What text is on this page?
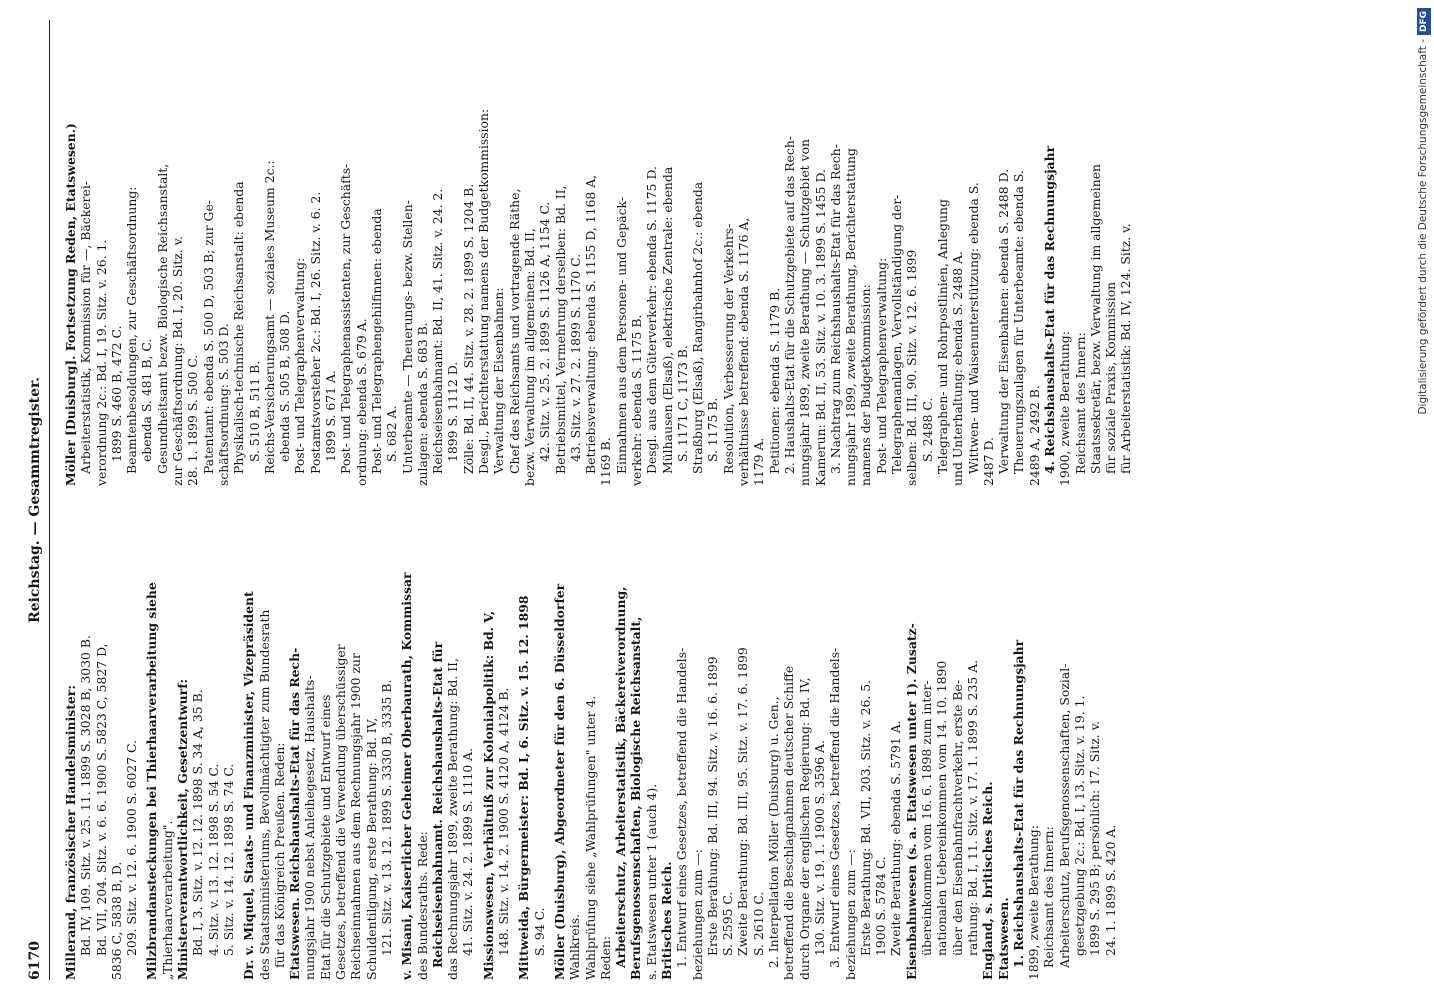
6170
Reichstag. — Gesammtregister.
Millerand, französischer Handelsminister: Bd. IV, 109. Sitz. v. 25. 11. 1899 S. 3028 B, 3030 B. Bd. VII, 204. Sitz. v. 6. 6. 1900 S. 5823 C, 5827 D, 5836 C, 5838 B, D. 209. Sitz. v. 12. 6. 1900 S. 6027 C. Milzbrandansteckungen bei Thierhaarverarbeitung siehe „Thierhaarverarbeitung". Ministerverantwortlichkeit, Gesetzentwurf: Bd. I, 3. Sitz. v. 12. 12. 1898 S. 34 A, 35 B. 4. Sitz. v. 13. 12. 1898 S. 54 C. 5. Sitz. v. 14. 12. 1898 S. 74 C. Dr. v. Miquel, Staats- und Finanzminister, Vizepräsident des Staatsministeriums, Bevollmächtigter zum Bundesrath für das Königreich Preußen. Reden: Etatswesen. Reichshaushalts-Etat für das Rech- nungsjahr 1900 nebst Anleihegesetz, Haushalts- Etat für die Schutzgebiete und Entwurf eines Gesetzes, betreffend die Verwendung überschüssiger Reichseinnahmen aus dem Rechnungsjahr 1900 zur Schuldentilgung, erste Berathung: Bd. IV, 121. Sitz. v. 13. 12. 1899 S. 3330 B, 3335 B. v. Misani, Kaiserlicher Geheimer Oberbaurath, Kommissar des Bundesraths. Rede: Reichseisenbahnamt. Reichshaushalts-Etat für das Rechnungsjahr 1899, zweite Berathung: Bd. II, 41. Sitz. v. 24. 2. 1899 S. 1110 A. Missionswesen, Verhältniß zur Kolonialpolitik: Bd. V, 148. Sitz. v. 14. 2. 1900 S. 4120 A, 4124 B. Mittweida, Bürgermeister: Bd. I, 6. Sitz. v. 15. 12. 1898 S. 94 C. Möller (Duisburg), Abgeordneter für den 6. Düsseldorfer Wahlkreis. Wahlprüfung siehe „Wahlprüfungen" unter 4. Reden: Arbeiterschutz, Arbeiterstatistik, Bäckereiverordnung, Berufsgenossenschaften, Biologische Reichsanstalt, s. Etatswesen unter 1 (auch 4). Britisches Reich. 1. Entwurf eines Gesetzes, betreffend die Handels- beziehungen zum —: Erste Berathung: Bd. III, 94. Sitz. v. 16. 6. 1899 S. 2595 C. Zweite Berathung: Bd. III, 95. Sitz. v. 17. 6. 1899 S. 2610 C. 2. Interpellation Möller (Duisburg) u. Gen., betreffend die Beschlagnahmen deutscher Schiffe durch Organe der englischen Regierung: Bd. IV, 130. Sitz. v. 19. 1. 1900 S. 3596 A. 3. Entwurf eines Gesetzes, betreffend die Handels- beziehungen zum —: Erste Berathung: Bd. VII, 203. Sitz. v. 26. 5. 1900 S. 5784 C. Zweite Berathung: ebenda S. 5791 A. Eisenbahnwesen (s. a. Etatswesen unter 1). Zusatz- übereinkommen vom 16. 6. 1898 zum inter- nationalen Uebereinkommen vom 14. 10. 1890 über den Eisenbahnfrachtverkehr, erste Be- rathung: Bd. I, 11. Sitz. v. 17. 1. 1899 S. 235 A. England, s. britisches Reich. Etatswesen. 1. Reichshaushalts-Etat für das Rechnungsjahr 1899, zweite Berathung: Reichsamt des Innern: Arbeiterschutz, Berufsgenossenschaften, Sozial- gesetzgebung 2c.: Bd. I, 13. Sitz. v. 19. 1. 1899 S. 295 B; persönlich: 17. Sitz. v. 24. 1. 1899 S. 420 A.
Möller [Duisburg]. Fortsetzung Reden, Etatswesen.) Arbeiterstatistik, Kommission für —, Bäckerei- verordnung 2c.: Bd. I, 19. Sitz. v. 26. 1. 1899 S. 460 B, 472 C. Beamtenbesoldungen, zur Geschäftsordnung: ebenda S. 481 B, C. Gesundheitsamt bezw. Biologische Reichsanstalt, zur Geschäftsordnung: Bd. I, 20. Sitz. v. 28. 1. 1899 S. 500 C. Patentamt: ebenda S. 500 D, 503 B; zur Ge- schäftsordnung: S. 503 D. Physikalisch-technische Reichsanstalt: ebenda S. 510 B, 511 B. Reichs-Versicherungsamt — soziales Museum 2c.: ebenda S. 505 B, 508 D. Post- und Telegraphenverwaltung: Postamtsvorsteher 2c.: Bd. I, 26. Sitz. v. 6. 2. 1899 S. 671 A. Post- und Telegraphenassistenten, zur Geschäfts- ordnung: ebenda S. 679 A. Post- und Telegraphengehilfinnen: ebenda S. 682 A. Unterbeamte — Theuerungs- bezw. Stellen- zulagen: ebenda S. 683 B. Reichseisenbahnamt: Bd. II, 41. Sitz. v. 24. 2. 1899 S. 1112 D. Zölle: Bd. II, 44. Sitz. v. 28. 2. 1899 S. 1204 B. Desgl., Berichterstattung namens der Budgetkommission: Verwaltung der Eisenbahnen: Chef des Reichsamts und vortragende Räthe, bezw. Verwaltung im allgemeinen: Bd. II, 42. Sitz. v. 25. 2. 1899 S. 1126 A, 1154 C. Betriebsmittel, Vermehrung derselben: Bd. II, 43. Sitz. v. 27. 2. 1899 S. 1170 C. Betriebsverwaltung: ebenda S. 1155 D, 1168 A, 1169 B. Einnahmen aus dem Personen- und Gepäck- verkehr: ebenda S. 1175 B. Desgl. aus dem Güterverkehr: ebenda S. 1175 D. Mülhausen (Elsaß), elektrische Zentrale: ebenda S. 1171 C, 1173 B. Straßburg (Elsaß), Rangirbahnhof 2c.: ebenda S. 1175 B. Resolution, Verbesserung der Verkehrs- verhältnisse betreffend: ebenda S. 1176 A, 1179 A. Petitionen: ebenda S. 1179 B. 2. Haushalts-Etat für die Schutzgebiete auf das Rech- nungsjahr 1899, zweite Berathung — Schutzgebiet von Kamerun: Bd. II, 53. Sitz. v. 10. 3. 1899 S. 1455 D. 3. Nachtrag zum Reichshaushalts-Etat für das Rech- nungsjahr 1899, zweite Berathung, Berichterstattung namens der Budgetkommission: Post- und Telegraphenverwaltung: Telegraphenanlagen, Vervollständigung der- selben: Bd. III, 90. Sitz. v. 12. 6. 1899 S. 2488 C. Telegraphen- und Rohrpostlinien, Anlegung und Unterhaltung: ebenda S. 2488 A. Wittwen- und Waisenunterstützung: ebenda S. 2487 D. Verwaltung der Eisenbahnen: ebenda S. 2488 D. Theuerungszulagen für Unterbeamte: ebenda S. 2489 A, 2492 B. 4. Reichshaushalts-Etat für das Rechnungsjahr 1900, zweite Berathung: Reichsamt des Innern: Staatssekretär, bezw. Verwaltung im allgemeinen für soziale Praxis, Kommission für Arbeiterstatistik: Bd. IV, 124. Sitz. v.	Digitalisierung gefördert durch die Deutsche Forschungsgemeinschaft -DFG
